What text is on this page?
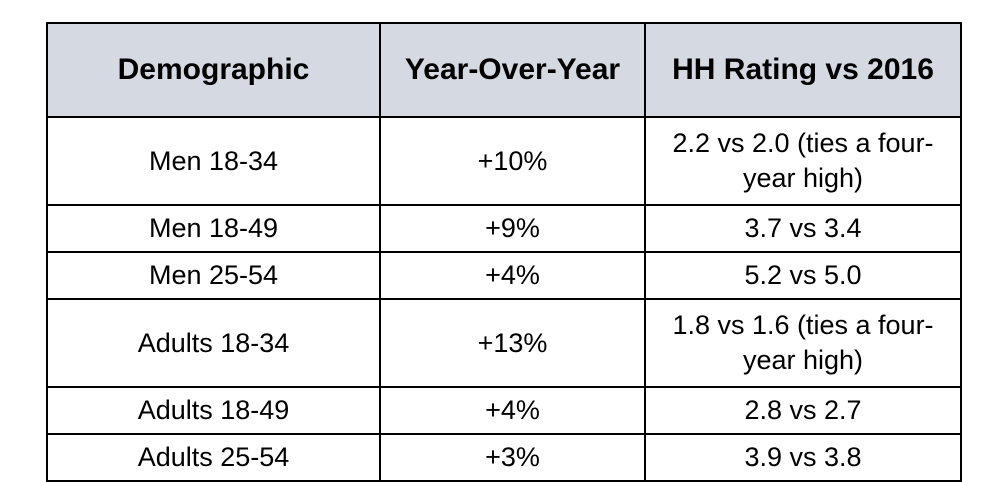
Demographic	Year-Over-Year	HH Rating vs 2016
Men 18-34	+10%	2.2 vs 2.0 (ties a four-year high)
Men 18-49	+9%	3.7 vs 3.4
Men 25-54	+4%	5.2 vs 5.0
Adults 18-34	+13%	1.8 vs 1.6 (ties a four-year high)
Adults 18-49	+4%	2.8 vs 2.7
Adults 25-54	+3%	3.9 vs 3.8
